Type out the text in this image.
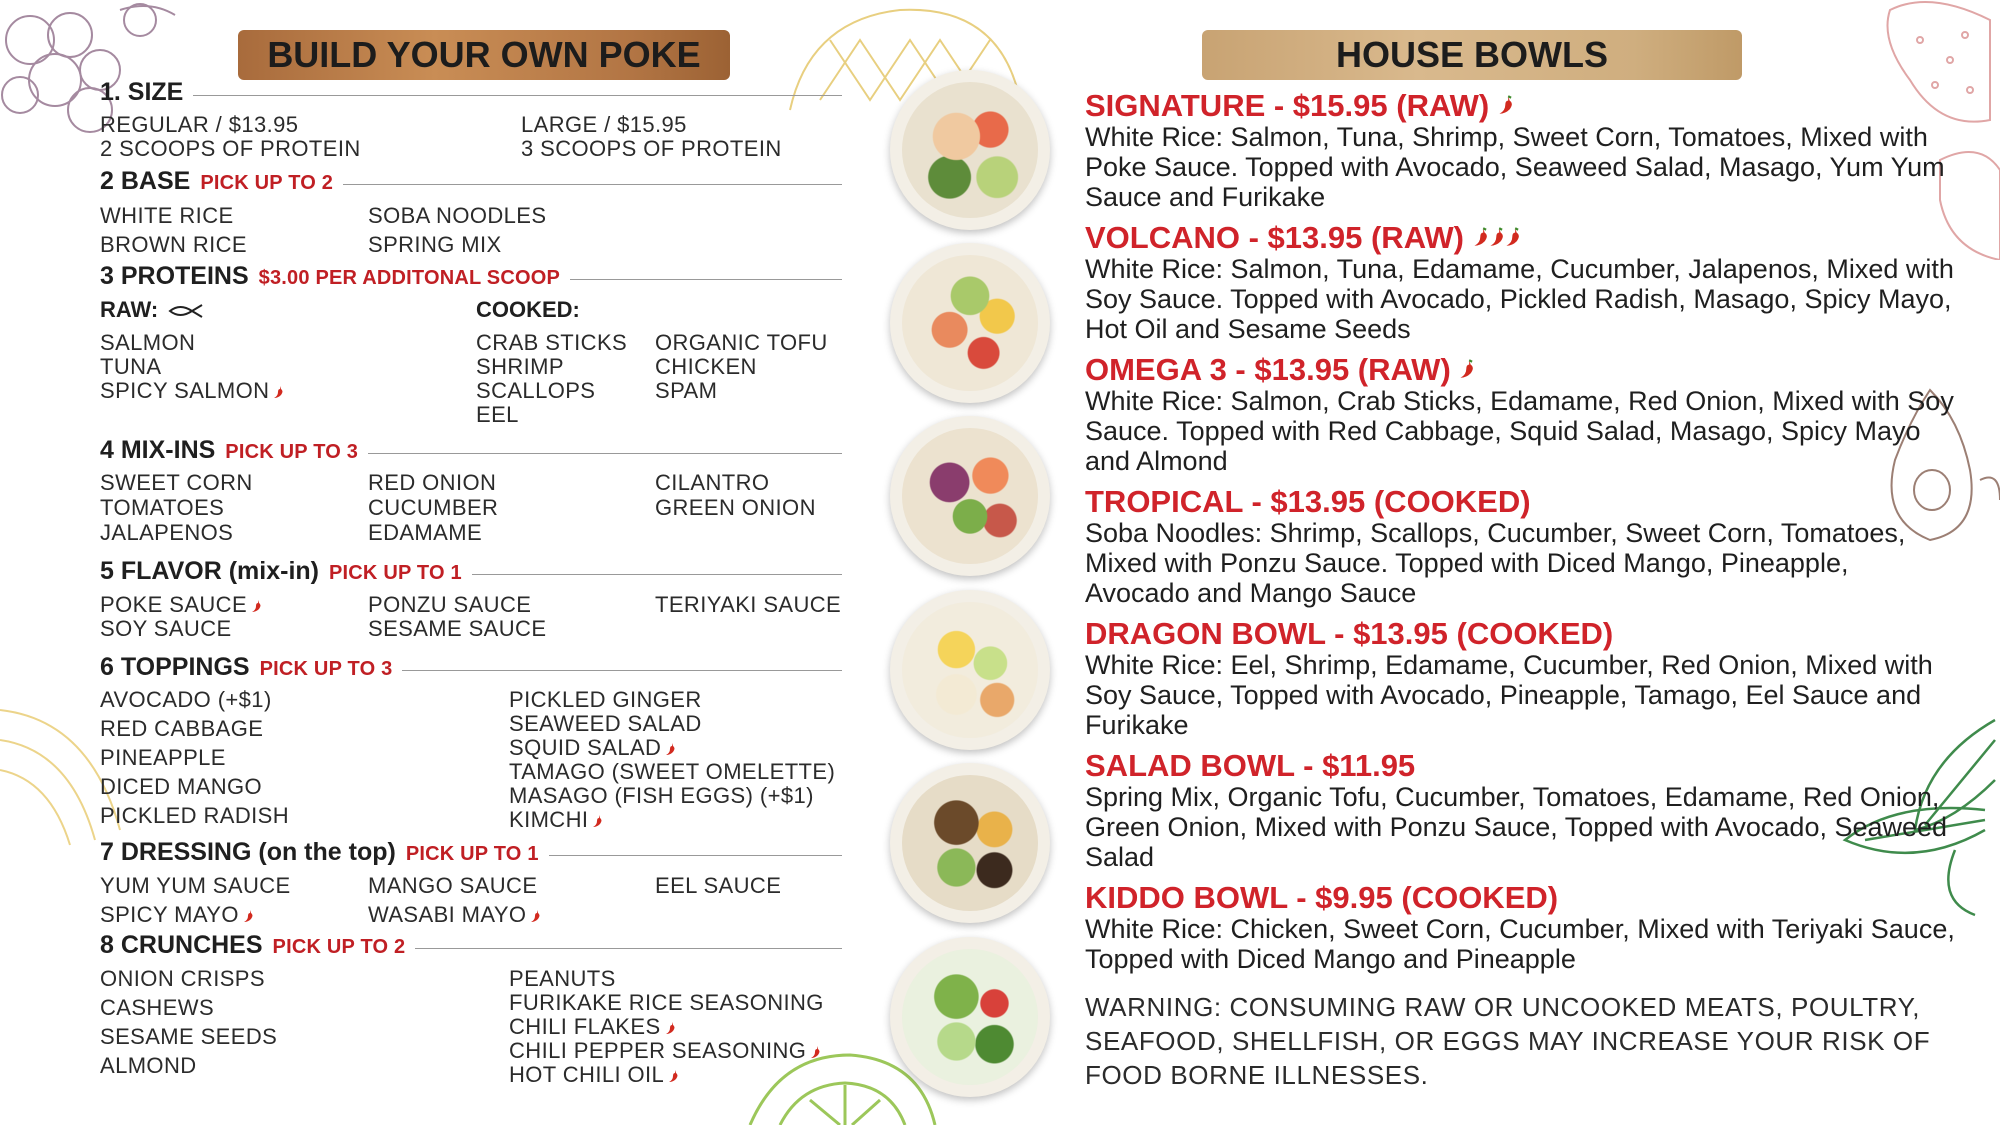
BUILD YOUR OWN POKE	HOUSE BOWLS
1. SIZE
REGULAR / $13.95
2 SCOOPS OF PROTEIN
LARGE / $15.95
3 SCOOPS OF PROTEIN
2 BASE PICK UP TO 2
WHITE RICE
BROWN RICE
SOBA NOODLES
SPRING MIX
3 PROTEINS $3.00 PER ADDITONAL SCOOP
RAW:	COOKED:
SALMON
TUNA
SPICY SALMON
CRAB STICKS
SHRIMP
SCALLOPS
EEL
ORGANIC TOFU
CHICKEN
SPAM
4 MIX-INS PICK UP TO 3
SWEET CORN
TOMATOES
JALAPENOS
RED ONION
CUCUMBER
EDAMAME
CILANTRO
GREEN ONION
5 FLAVOR (mix-in) PICK UP TO 1
POKE SAUCE
SOY SAUCE
PONZU SAUCE
SESAME SAUCE
TERIYAKI SAUCE
6 TOPPINGS PICK UP TO 3
AVOCADO (+$1)
RED CABBAGE
PINEAPPLE
DICED MANGO
PICKLED RADISH
PICKLED GINGER
SEAWEED SALAD
SQUID SALAD
TAMAGO (SWEET OMELETTE)
MASAGO (FISH EGGS) (+$1)
KIMCHI
7 DRESSING (on the top) PICK UP TO 1
YUM YUM SAUCE
SPICY MAYO
MANGO SAUCE
WASABI MAYO
EEL SAUCE
8 CRUNCHES PICK UP TO 2
ONION CRISPS
CASHEWS
SESAME SEEDS
ALMOND
PEANUTS
FURIKAKE RICE SEASONING
CHILI FLAKES
CHILI PEPPER SEASONING
HOT CHILI OIL
SIGNATURE - $15.95 (RAW)
White Rice: Salmon, Tuna, Shrimp, Sweet Corn, Tomatoes, Mixed with Poke Sauce. Topped with Avocado, Seaweed Salad, Masago, Yum Yum Sauce and Furikake
VOLCANO - $13.95 (RAW)
White Rice: Salmon, Tuna, Edamame, Cucumber, Jalapenos, Mixed with Soy Sauce. Topped with Avocado, Pickled Radish, Masago, Spicy Mayo, Hot Oil and Sesame Seeds
OMEGA 3 - $13.95 (RAW)
White Rice: Salmon, Crab Sticks, Edamame, Red Onion, Mixed with Soy Sauce. Topped with Red Cabbage, Squid Salad, Masago, Spicy Mayo and Almond
TROPICAL - $13.95 (COOKED)
Soba Noodles: Shrimp, Scallops, Cucumber, Sweet Corn, Tomatoes, Mixed with Ponzu Sauce. Topped with Diced Mango, Pineapple, Avocado and Mango Sauce
DRAGON BOWL - $13.95 (COOKED)
White Rice: Eel, Shrimp, Edamame, Cucumber, Red Onion, Mixed with Soy Sauce, Topped with Avocado, Pineapple, Tamago, Eel Sauce and Furikake
SALAD BOWL - $11.95
Spring Mix, Organic Tofu, Cucumber, Tomatoes, Edamame, Red Onion, Green Onion, Mixed with Ponzu Sauce, Topped with Avocado, Seaweed Salad
KIDDO BOWL - $9.95 (COOKED)
White Rice: Chicken, Sweet Corn, Cucumber, Mixed with Teriyaki Sauce, Topped with Diced Mango and Pineapple
WARNING: CONSUMING RAW OR UNCOOKED MEATS, POULTRY, SEAFOOD, SHELLFISH, OR EGGS MAY INCREASE YOUR RISK OF FOOD BORNE ILLNESSES.
